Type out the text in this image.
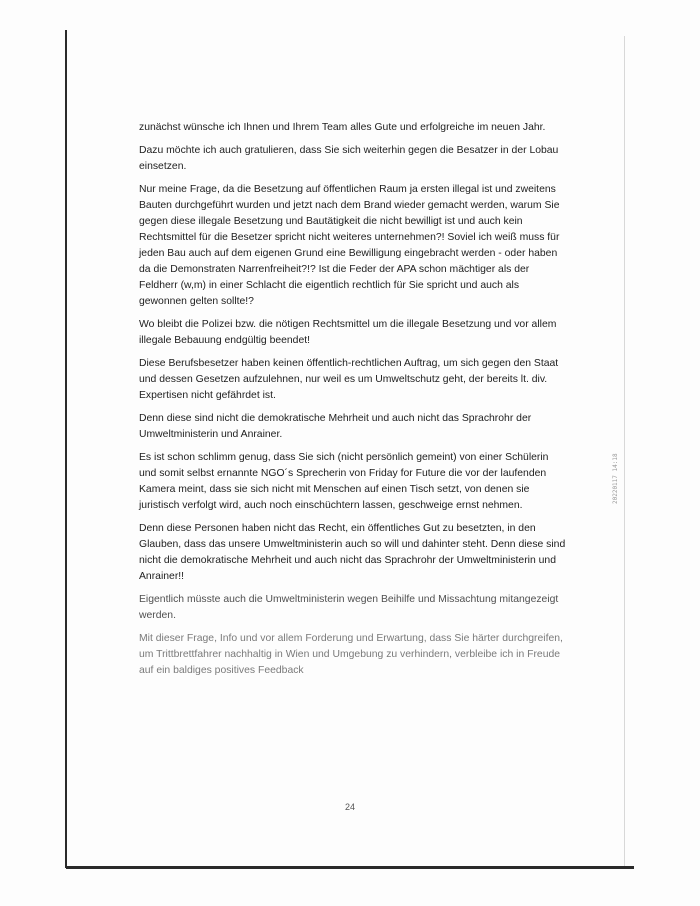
zunächst wünsche ich Ihnen und Ihrem Team alles Gute und erfolgreiche im neuen Jahr.

Dazu möchte ich auch gratulieren, dass Sie sich weiterhin gegen die Besatzer in der Lobau einsetzen.

Nur meine Frage, da die Besetzung auf öffentlichen Raum ja ersten illegal ist und zweitens Bauten durchgeführt wurden und jetzt nach dem Brand wieder gemacht werden, warum Sie gegen diese illegale Besetzung und Bautätigkeit die nicht bewilligt ist und auch kein Rechtsmittel für die Besetzer spricht nicht weiteres unternehmen?! Soviel ich weiß muss für jeden Bau auch auf dem eigenen Grund eine Bewilligung eingebracht werden - oder haben da die Demonstraten Narrenfreiheit?!? Ist die Feder der APA schon mächtiger als der Feldherr (w,m) in einer Schlacht die eigentlich rechtlich für Sie spricht und auch als gewonnen gelten sollte!?

Wo bleibt die Polizei bzw. die nötigen Rechtsmittel um die illegale Besetzung und vor allem illegale Bebauung endgültig beendet!

Diese Berufsbesetzer haben keinen öffentlich-rechtlichen Auftrag, um sich gegen den Staat und dessen Gesetzen aufzulehnen, nur weil es um Umweltschutz geht, der bereits lt. div. Expertisen nicht gefährdet ist.

Denn diese sind nicht die demokratische Mehrheit und auch nicht das Sprachrohr der Umweltministerin und Anrainer.

Es ist schon schlimm genug, dass Sie sich (nicht persönlich gemeint) von einer Schülerin und somit selbst ernannte NGO´s Sprecherin von Friday for Future die vor der laufenden Kamera meint, dass sie sich nicht mit Menschen auf einen Tisch setzt, von denen sie juristisch verfolgt wird, auch noch einschüchtern lassen, geschweige ernst nehmen.

Denn diese Personen haben nicht das Recht, ein öffentliches Gut zu besetzten, in den Glauben, dass das unsere Umweltministerin auch so will und dahinter steht. Denn diese sind nicht die demokratische Mehrheit und auch nicht das Sprachrohr der Umweltministerin und Anrainer!!

Eigentlich müsste auch die Umweltministerin wegen Beihilfe und Missachtung mitangezeigt werden.

Mit dieser Frage, Info und vor allem Forderung und Erwartung, dass Sie härter durchgreifen, um Trittbrettfahrer nachhaltig in Wien und Umgebung zu verhindern, verbleibe ich in Freude auf ein baldiges positives Feedback

20220117 14:18
24
